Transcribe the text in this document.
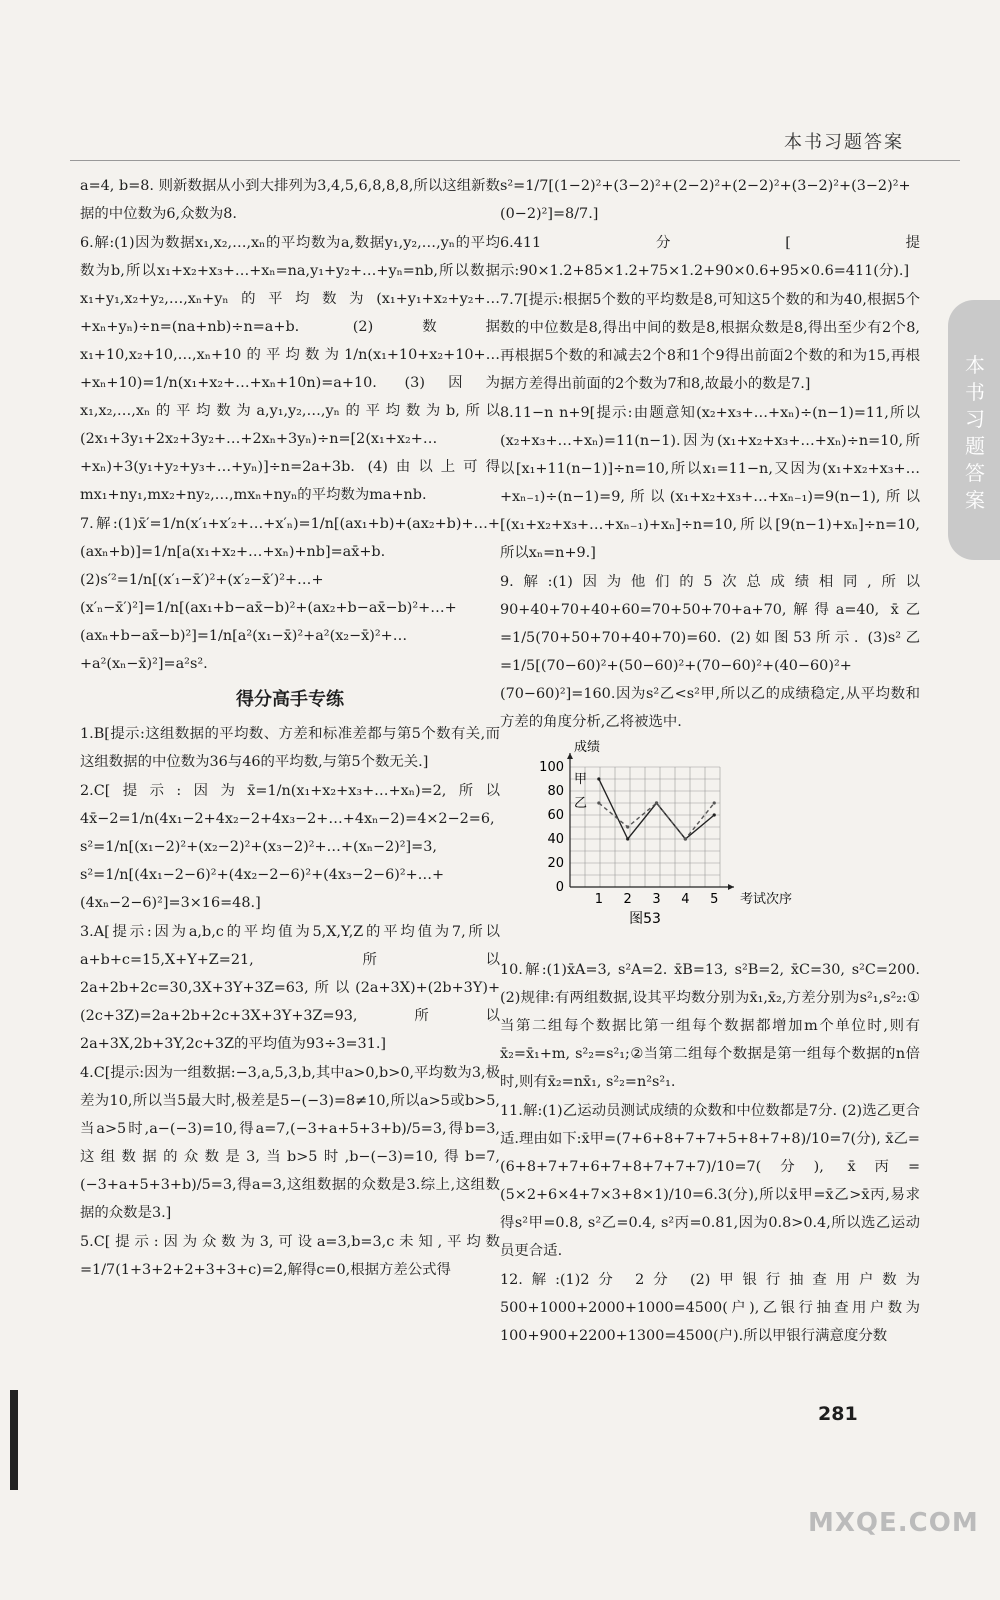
本书习题答案
本书习题答案

a=4, b=8. 则新数据从小到大排列为3,4,5,6,8,8,8,所以这组新数据的中位数为6,众数为8.

6.解:(1)因为数据x₁,x₂,…,xₙ的平均数为a,数据y₁,y₂,…,yₙ的平均数为b,所以x₁+x₂+x₃+…+xₙ=na,y₁+y₂+…+yₙ=nb,所以数据x₁+y₁,x₂+y₂,…,xₙ+yₙ的平均数为(x₁+y₁+x₂+y₂+…+xₙ+yₙ)÷n=(na+nb)÷n=a+b. (2)数据x₁+10,x₂+10,…,xₙ+10的平均数为1/n(x₁+10+x₂+10+…+xₙ+10)=1/n(x₁+x₂+…+xₙ+10n)=a+10. (3)因为x₁,x₂,…,xₙ的平均数为a,y₁,y₂,…,yₙ的平均数为b,所以(2x₁+3y₁+2x₂+3y₂+…+2xₙ+3yₙ)÷n=[2(x₁+x₂+…+xₙ)+3(y₁+y₂+y₃+…+yₙ)]÷n=2a+3b. (4)由以上可得mx₁+ny₁,mx₂+ny₂,…,mxₙ+nyₙ的平均数为ma+nb.

7.解:(1)x̄′=1/n(x′₁+x′₂+…+x′ₙ)=1/n[(ax₁+b)+(ax₂+b)+…+(axₙ+b)]=1/n[a(x₁+x₂+…+xₙ)+nb]=ax̄+b. (2)s′²=1/n[(x′₁−x̄′)²+(x′₂−x̄′)²+…+(x′ₙ−x̄′)²]=1/n[(ax₁+b−ax̄−b)²+(ax₂+b−ax̄−b)²+…+(axₙ+b−ax̄−b)²]=1/n[a²(x₁−x̄)²+a²(x₂−x̄)²+…+a²(xₙ−x̄)²]=a²s².

得分高手专练

1.B[提示:这组数据的平均数、方差和标准差都与第5个数有关,而这组数据的中位数为36与46的平均数,与第5个数无关.]

2.C[提示:因为x̄=1/n(x₁+x₂+x₃+…+xₙ)=2,所以4x̄−2=1/n(4x₁−2+4x₂−2+4x₃−2+…+4xₙ−2)=4×2−2=6, s²=1/n[(x₁−2)²+(x₂−2)²+(x₃−2)²+…+(xₙ−2)²]=3, s²=1/n[(4x₁−2−6)²+(4x₂−2−6)²+(4x₃−2−6)²+…+(4xₙ−2−6)²]=3×16=48.]

3.A[提示:因为a,b,c的平均值为5,X,Y,Z的平均值为7,所以a+b+c=15,X+Y+Z=21,所以2a+2b+2c=30,3X+3Y+3Z=63,所以(2a+3X)+(2b+3Y)+(2c+3Z)=2a+2b+2c+3X+3Y+3Z=93,所以2a+3X,2b+3Y,2c+3Z的平均值为93÷3=31.]

4.C[提示:因为一组数据:−3,a,5,3,b,其中a>0,b>0,平均数为3,极差为10,所以当5最大时,极差是5−(−3)=8≠10,所以a>5或b>5,当a>5时,a−(−3)=10,得a=7,(−3+a+5+3+b)/5=3,得b=3,这组数据的众数是3,当b>5时,b−(−3)=10,得b=7,(−3+a+5+3+b)/5=3,得a=3,这组数据的众数是3.综上,这组数据的众数是3.]

5.C[提示:因为众数为3,可设a=3,b=3,c未知,平均数=1/7(1+3+2+2+3+3+c)=2,解得c=0,根据方差公式得

s²=1/7[(1−2)²+(3−2)²+(2−2)²+(2−2)²+(3−2)²+(3−2)²+(0−2)²]=8/7.]

6.411分[提示:90×1.2+85×1.2+75×1.2+90×0.6+95×0.6=411(分).]

7.7[提示:根据5个数的平均数是8,可知这5个数的和为40,根据5个数的中位数是8,得出中间的数是8,根据众数是8,得出至少有2个8,再根据5个数的和减去2个8和1个9得出前面2个数的和为15,再根据方差得出前面的2个数为7和8,故最小的数是7.]

8.11−n n+9[提示:由题意知(x₂+x₃+…+xₙ)÷(n−1)=11,所以(x₂+x₃+…+xₙ)=11(n−1).因为(x₁+x₂+x₃+…+xₙ)÷n=10,所以[x₁+11(n−1)]÷n=10,所以x₁=11−n,又因为(x₁+x₂+x₃+…+xₙ₋₁)÷(n−1)=9,所以(x₁+x₂+x₃+…+xₙ₋₁)=9(n−1),所以[(x₁+x₂+x₃+…+xₙ₋₁)+xₙ]÷n=10,所以[9(n−1)+xₙ]÷n=10,所以xₙ=n+9.]

9.解:(1)因为他们的5次总成绩相同,所以90+40+70+40+60=70+50+70+a+70,解得a=40, x̄乙=1/5(70+50+70+40+70)=60. (2)如图53所示. (3)s²乙=1/5[(70−60)²+(50−60)²+(70−60)²+(40−60)²+(70−60)²]=160.因为s²乙<s²甲,所以乙的成绩稳定,从平均数和方差的角度分析,乙将被选中.

0
20
40
60
80
100
1 2 3 4 5
成绩
考试次序
甲
乙
图53

10.解:(1)x̄A=3, s²A=2. x̄B=13, s²B=2, x̄C=30, s²C=200. (2)规律:有两组数据,设其平均数分别为x̄₁,x̄₂,方差分别为s²₁,s²₂:①当第二组每个数据比第一组每个数据都增加m个单位时,则有x̄₂=x̄₁+m, s²₂=s²₁;②当第二组每个数据是第一组每个数据的n倍时,则有x̄₂=nx̄₁, s²₂=n²s²₁.

11.解:(1)乙运动员测试成绩的众数和中位数都是7分. (2)选乙更合适.理由如下:x̄甲=(7+6+8+7+7+5+8+7+8)/10=7(分), x̄乙=(6+8+7+7+6+7+8+7+7+7)/10=7(分), x̄丙=(5×2+6×4+7×3+8×1)/10=6.3(分),所以x̄甲=x̄乙>x̄丙,易求得s²甲=0.8, s²乙=0.4, s²丙=0.81,因为0.8>0.4,所以选乙运动员更合适.

12.解:(1)2分 2分 (2)甲银行抽查用户数为500+1000+2000+1000=4500(户),乙银行抽查用户数为100+900+2200+1300=4500(户).所以甲银行满意度分数

281
MXQE.COM
